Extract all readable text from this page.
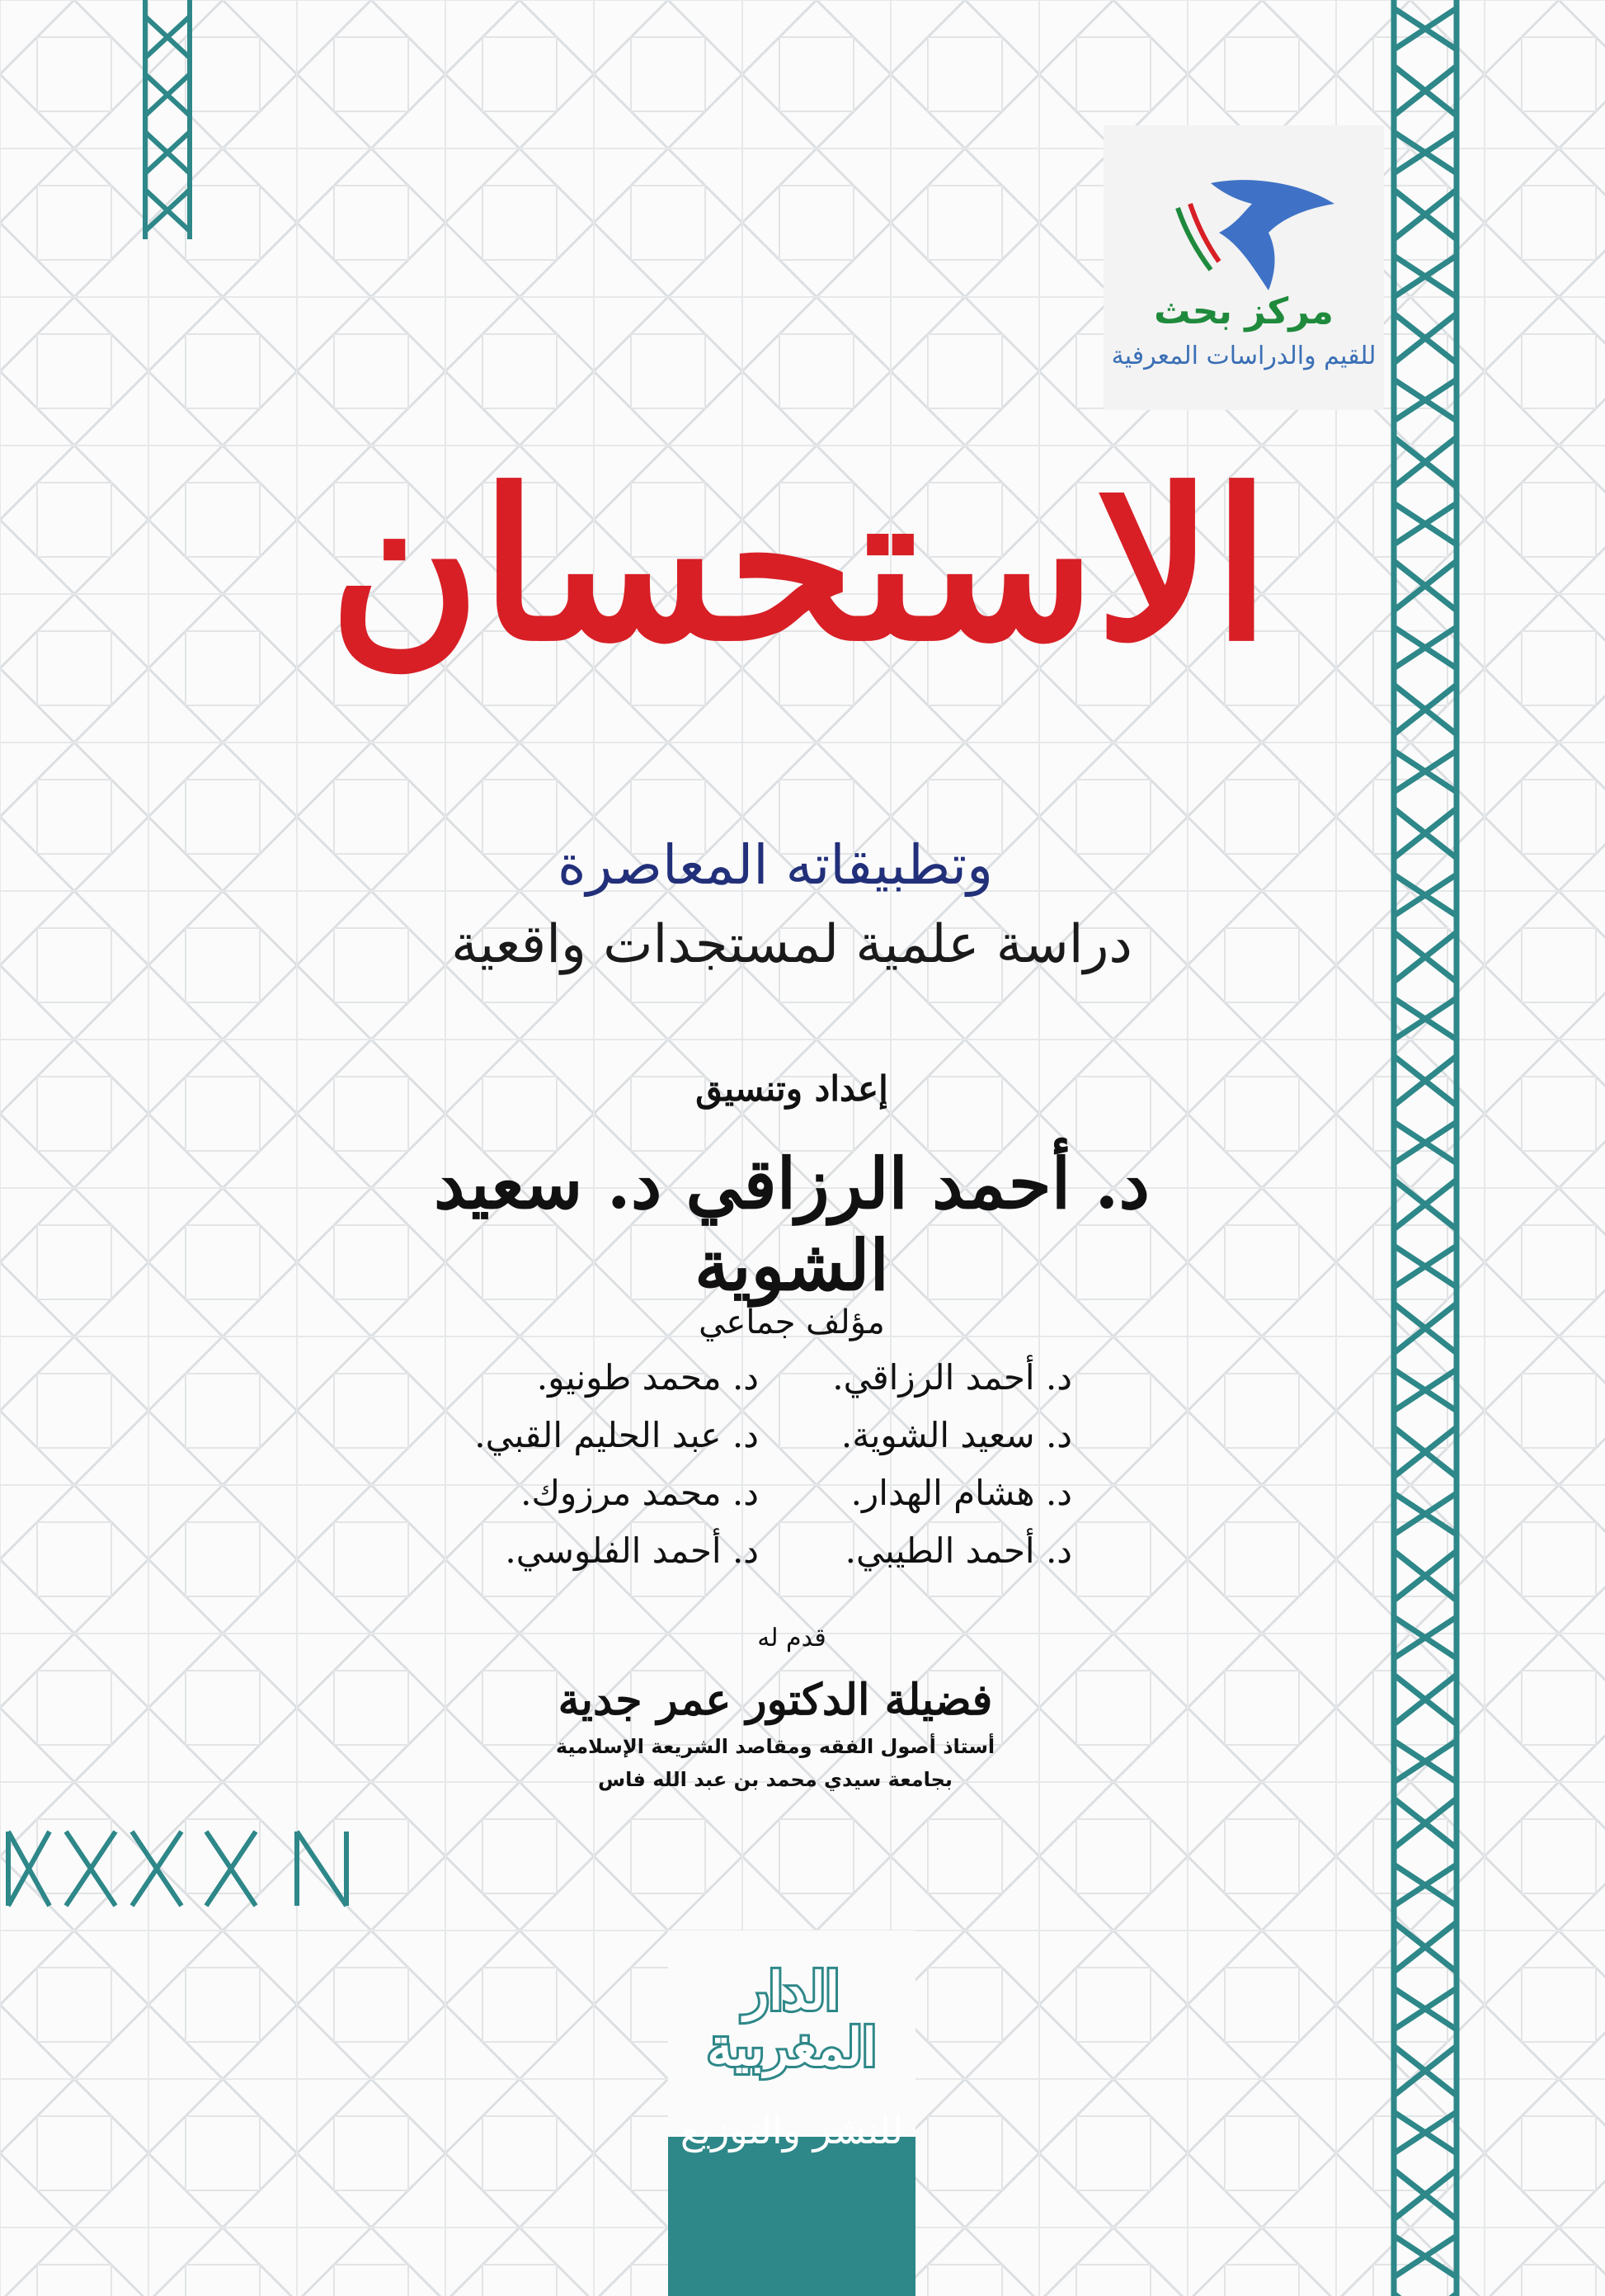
مركز بحث
للقيم والدراسات المعرفية
الاستحسان
وتطبيقاته المعاصرة
دراسة علمية لمستجدات واقعية
إعداد وتنسيق
د. أحمد الرزاقي د. سعيد الشوية
مؤلف جماعي
د. أحمد الرزاقي.
د. محمد طونيو.
د. سعيد الشوية.
د. عبد الحليم القبي.
د. هشام الهدار.
د. محمد مرزوك.
د. أحمد الطيبي.
د. أحمد الفلوسي.
قدم له
فضيلة الدكتور عمر جدية
أستاذ أصول الفقه ومقاصد الشريعة الإسلامية
بجامعة سيدي محمد بن عبد الله فاس
الدار المغربية
للنشر والتوزيع
